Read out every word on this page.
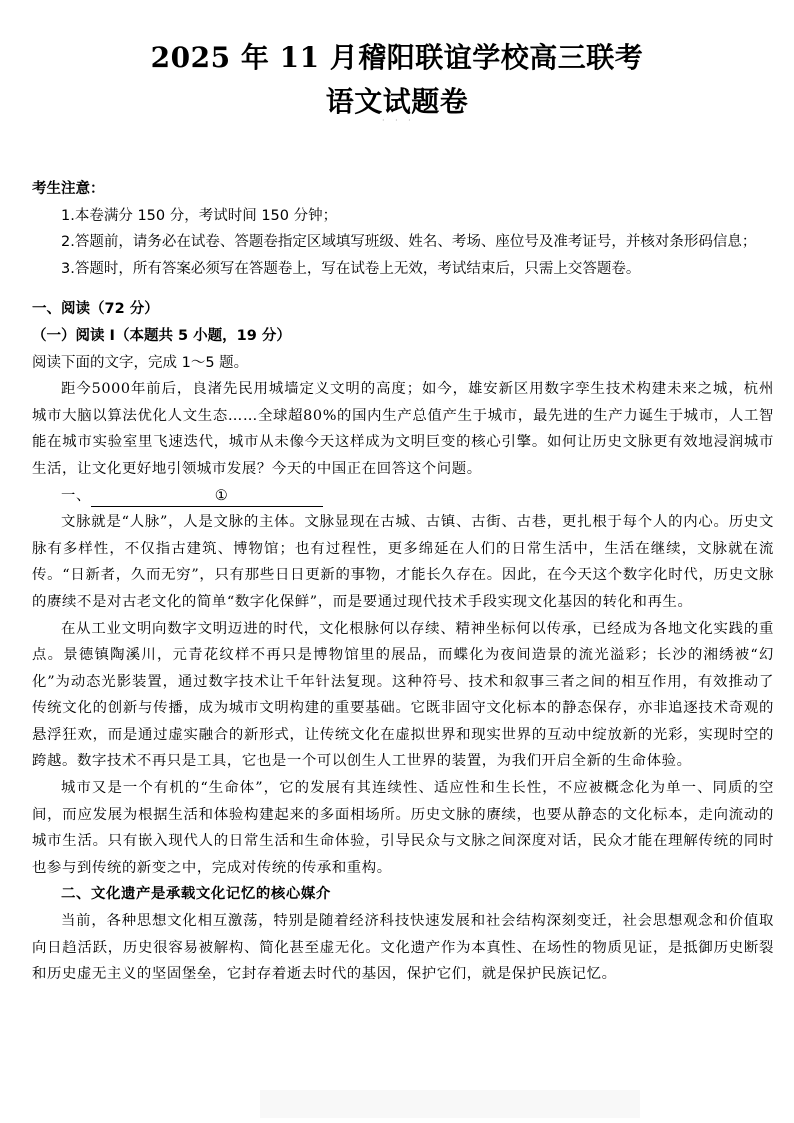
2025 年 11 月稽阳联谊学校高三联考
语文试题卷
· · ·

考生注意：

1.本卷满分 150 分，考试时间 150 分钟；

2.答题前，请务必在试卷、答题卷指定区域填写班级、姓名、考场、座位号及准考证号，并核对条形码信息；

3.答题时，所有答案必须写在答题卷上，写在试卷上无效，考试结束后，只需上交答题卷。

一、阅读（72 分）

（一）阅读 I（本题共 5 小题，19 分）

阅读下面的文字，完成 1～5 题。

距今5000年前后，良渚先民用城墙定义文明的高度；如今，雄安新区用数字孪生技术构建未来之城，杭州城市大脑以算法优化人文生态……全球超80%的国内生产总值产生于城市，最先进的生产力诞生于城市，人工智能在城市实验室里飞速迭代，城市从未像今天这样成为文明巨变的核心引擎。如何让历史文脉更有效地浸润城市生活，让文化更好地引领城市发展？今天的中国正在回答这个问题。

一、	①

文脉就是“人脉”，人是文脉的主体。文脉显现在古城、古镇、古街、古巷，更扎根于每个人的内心。历史文脉有多样性，不仅指古建筑、博物馆；也有过程性，更多绵延在人们的日常生活中，生活在继续，文脉就在流传。“日新者，久而无穷”，只有那些日日更新的事物，才能长久存在。因此，在今天这个数字化时代，历史文脉的赓续不是对古老文化的简单“数字化保鲜”，而是要通过现代技术手段实现文化基因的转化和再生。

在从工业文明向数字文明迈进的时代，文化根脉何以存续、精神坐标何以传承，已经成为各地文化实践的重点。景德镇陶溪川，元青花纹样不再只是博物馆里的展品，而蝶化为夜间造景的流光溢彩；长沙的湘绣被“幻化”为动态光影装置，通过数字技术让千年针法复现。这种符号、技术和叙事三者之间的相互作用，有效推动了传统文化的创新与传播，成为城市文明构建的重要基础。它既非固守文化标本的静态保存，亦非追逐技术奇观的悬浮狂欢，而是通过虚实融合的新形式，让传统文化在虚拟世界和现实世界的互动中绽放新的光彩，实现时空的跨越。数字技术不再只是工具，它也是一个可以创生人工世界的装置，为我们开启全新的生命体验。

城市又是一个有机的“生命体”，它的发展有其连续性、适应性和生长性，不应被概念化为单一、同质的空间，而应发展为根据生活和体验构建起来的多面相场所。历史文脉的赓续，也要从静态的文化标本，走向流动的城市生活。只有嵌入现代人的日常生活和生命体验，引导民众与文脉之间深度对话，民众才能在理解传统的同时也参与到传统的新变之中，完成对传统的传承和重构。

二、文化遗产是承载文化记忆的核心媒介

当前，各种思想文化相互激荡，特别是随着经济科技快速发展和社会结构深刻变迁，社会思想观念和价值取向日趋活跃，历史很容易被解构、简化甚至虚无化。文化遗产作为本真性、在场性的物质见证，是抵御历史断裂和历史虚无主义的坚固堡垒，它封存着逝去时代的基因，保护它们，就是保护民族记忆。
